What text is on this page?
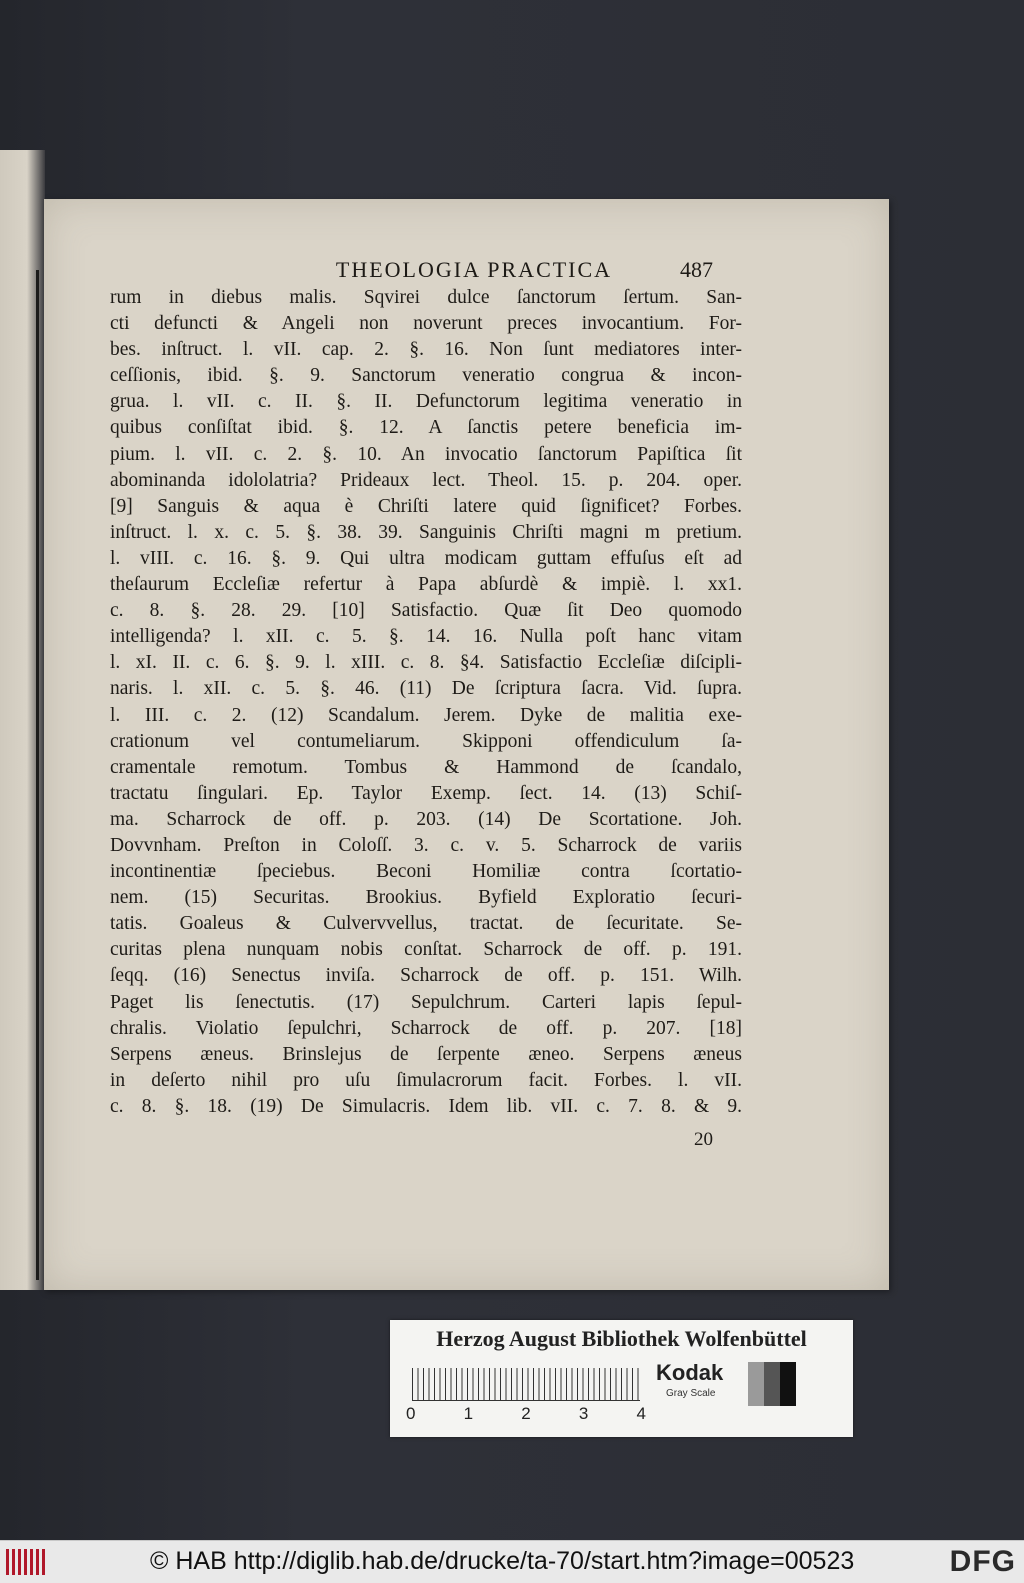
THEOLOGIA PRACTICA	487
rum in diebus malis. Sqvirei dulce ſanctorum ſertum. San-
cti defuncti & Angeli non noverunt preces invocantium. For-
bes. inſtruct. l. vII. cap. 2. §. 16. Non ſunt mediatores inter-
ceſſionis, ibid. §. 9. Sanctorum veneratio congrua & incon-
grua. l. vII. c. II. §. II. Defunctorum legitima veneratio in
quibus conſiſtat ibid. §. 12. A ſanctis petere beneficia im-
pium. l. vII. c. 2. §. 10. An invocatio ſanctorum Papiſtica ſit
abominanda idololatria? Prideaux lect. Theol. 15. p. 204. oper.
[9] Sanguis & aqua è Chriſti latere quid ſignificet? Forbes.
inſtruct. l. x. c. 5. §. 38. 39. Sanguinis Chriſti magni m pretium.
l. vIII. c. 16. §. 9. Qui ultra modicam guttam effuſus eſt ad
theſaurum Eccleſiæ refertur à Papa abſurdè & impiè. l. xx1.
c. 8. §. 28. 29. [10] Satisfactio. Quæ ſit Deo quomodo
intelligenda? l. xII. c. 5. §. 14. 16. Nulla poſt hanc vitam
l. xI. II. c. 6. §. 9. l. xIII. c. 8. §4. Satisfactio Eccleſiæ diſcipli-
naris. l. xII. c. 5. §. 46. (11) De ſcriptura ſacra. Vid. ſupra.
l. III. c. 2. (12) Scandalum. Jerem. Dyke de malitia exe-
crationum vel contumeliarum. Skipponi offendiculum ſa-
cramentale remotum. Tombus & Hammond de ſcandalo,
tractatu ſingulari. Ep. Taylor Exemp. ſect. 14. (13) Schiſ-
ma. Scharrock de off. p. 203. (14) De Scortatione. Joh.
Dovvnham. Preſton in Coloſſ. 3. c. v. 5. Scharrock de variis
incontinentiæ ſpeciebus. Beconi Homiliæ contra ſcortatio-
nem. (15) Securitas. Brookius. Byfield Exploratio ſecuri-
tatis. Goaleus & Culvervvellus, tractat. de ſecuritate. Se-
curitas plena nunquam nobis conſtat. Scharrock de off. p. 191.
ſeqq. (16) Senectus inviſa. Scharrock de off. p. 151. Wilh.
Paget lis ſenectutis. (17) Sepulchrum. Carteri lapis ſepul-
chralis. Violatio ſepulchri, Scharrock de off. p. 207. [18]
Serpens æneus. Brinslejus de ſerpente æneo. Serpens æneus
in deſerto nihil pro uſu ſimulacrorum facit. Forbes. l. vII.
c. 8. §. 18. (19) De Simulacris. Idem lib. vII. c. 7. 8. & 9.
20
Herzog August Bibliothek Wolfenbüttel
0	1	2	3	4
Kodak
Gray Scale
© HAB http://diglib.hab.de/drucke/ta-70/start.htm?image=00523	DFG
